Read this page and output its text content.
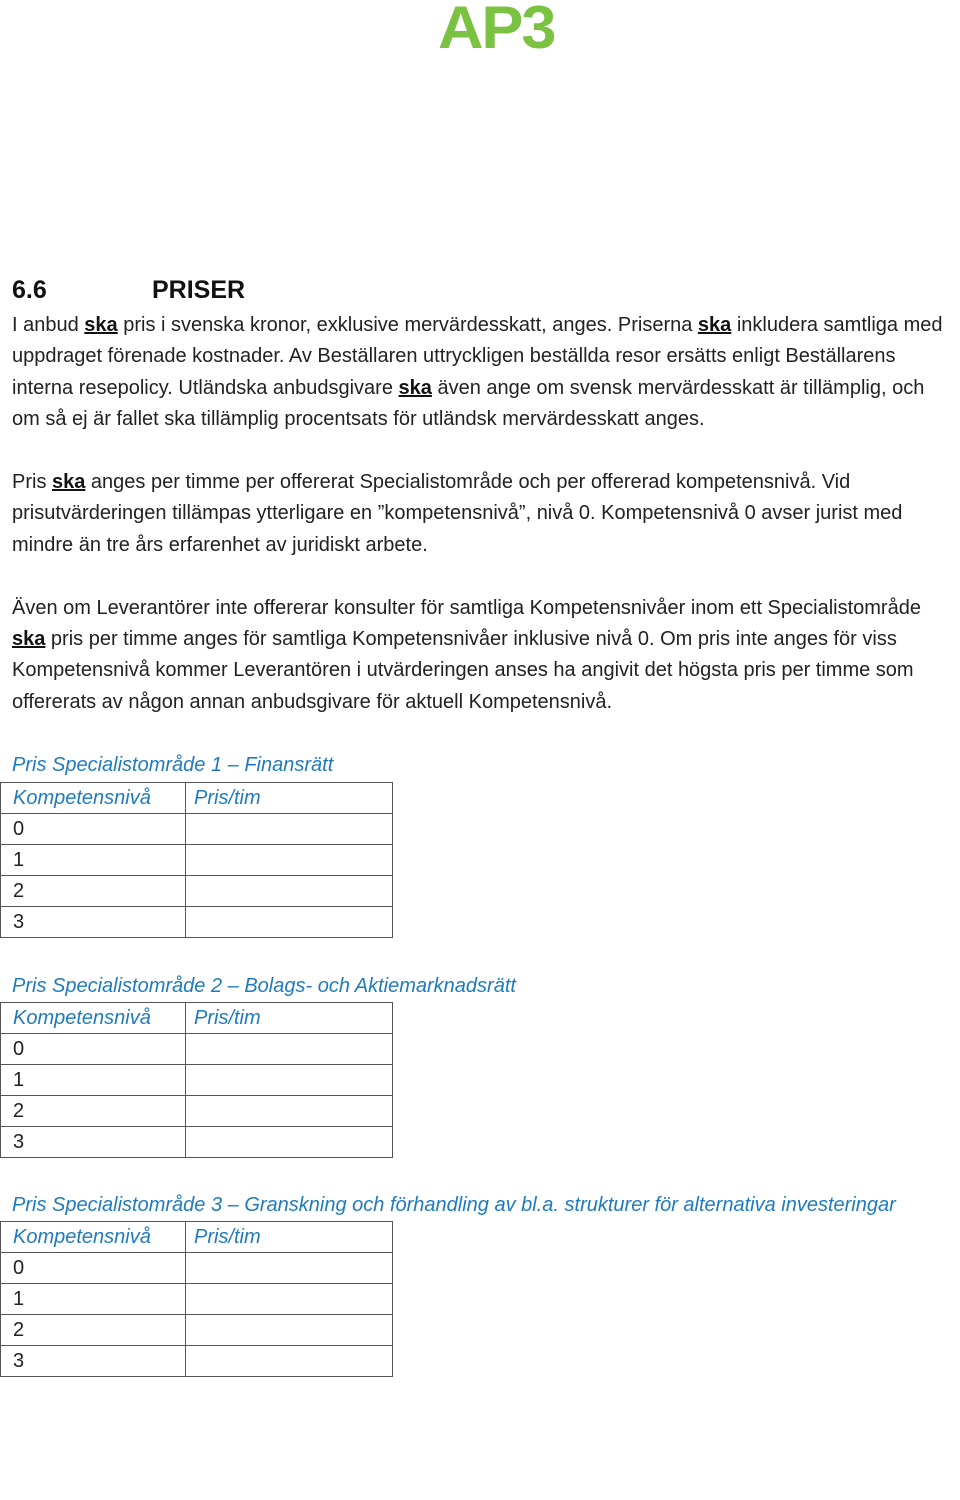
AP3
6.6	PRISER

I anbud ska pris i svenska kronor, exklusive mervärdesskatt, anges. Priserna ska inkludera samtliga med uppdraget förenade kostnader. Av Beställaren uttryckligen beställda resor ersätts enligt Beställarens interna resepolicy. Utländska anbudsgivare ska även ange om svensk mervärdesskatt är tillämplig, och om så ej är fallet ska tillämplig procentsats för utländsk mervärdesskatt anges.

Pris ska anges per timme per offererat Specialistområde och per offererad kompetensnivå. Vid prisutvärderingen tillämpas ytterligare en ”kompetensnivå”, nivå 0. Kompetensnivå 0 avser jurist med mindre än tre års erfarenhet av juridiskt arbete.

Även om Leverantörer inte offererar konsulter för samtliga Kompetensnivåer inom ett Specialistområde ska pris per timme anges för samtliga Kompetensnivåer inklusive nivå 0. Om pris inte anges för viss Kompetensnivå kommer Leverantören i utvärderingen anses ha angivit det högsta pris per timme som offererats av någon annan anbudsgivare för aktuell Kompetensnivå.

Pris Specialistområde 1 – Finansrätt
Kompetensnivå	Pris/tim
0	
1	
2	
3	
Pris Specialistområde 2 – Bolags- och Aktiemarknadsrätt
Kompetensnivå	Pris/tim
0	
1	
2	
3	
Pris Specialistområde 3 – Granskning och förhandling av bl.a. strukturer för alternativa investeringar
Kompetensnivå	Pris/tim
0	
1	
2	
3	
